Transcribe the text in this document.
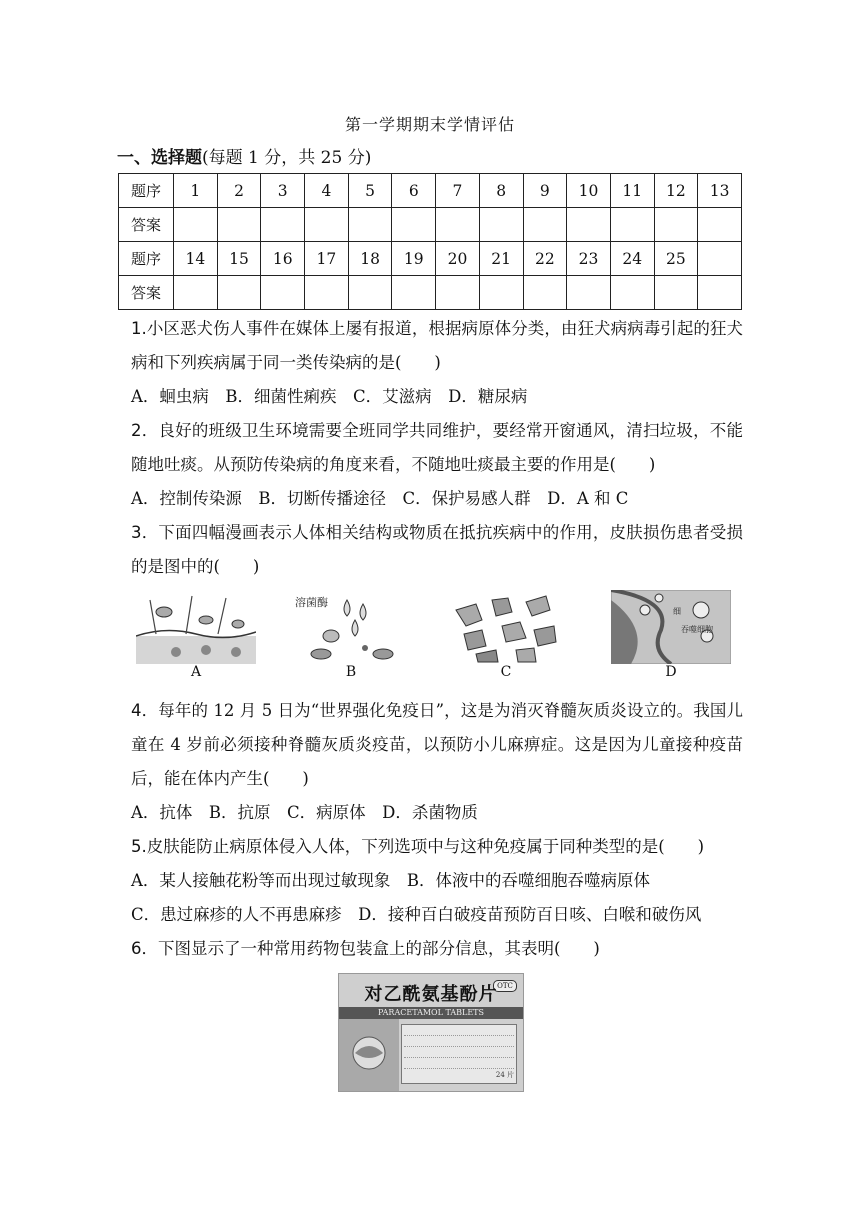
第一学期期末学情评估
一、选择题(每题 1 分，共 25 分)
题序	1	2	3	4	5	6	7	8	9	10	11	12	13
答案													
题序	14	15	16	17	18	19	20	21	22	23	24	25	
答案													
1.小区恶犬伤人事件在媒体上屡有报道，根据病原体分类，由狂犬病病毒引起的狂犬病和下列疾病属于同一类传染病的是(　　)
A．蛔虫病　B．细菌性痢疾　C．艾滋病　D．糖尿病
2．良好的班级卫生环境需要全班同学共同维护，要经常开窗通风，清扫垃圾，不能随地吐痰。从预防传染病的角度来看，不随地吐痰最主要的作用是(　　)
A．控制传染源　B．切断传播途径　C．保护易感人群　D．A 和 C
3．下面四幅漫画表示人体相关结构或物质在抵抗疾病中的作用，皮肤损伤患者受损的是图中的(　　)
A
溶菌酶
B	C
细
吞噬细胞
D
4．每年的 12 月 5 日为“世界强化免疫日”，这是为消灭脊髓灰质炎设立的。我国儿童在 4 岁前必须接种脊髓灰质炎疫苗，以预防小儿麻痹症。这是因为儿童接种疫苗后，能在体内产生(　　)
A．抗体　B．抗原　C．病原体　D．杀菌物质
5.皮肤能防止病原体侵入人体，下列选项中与这种免疫属于同种类型的是(　　)
A．某人接触花粉等而出现过敏现象　B．体液中的吞噬细胞吞噬病原体
C．患过麻疹的人不再患麻疹　D．接种百白破疫苗预防百日咳、白喉和破伤风
6．下图显示了一种常用药物包装盒上的部分信息，其表明(　　)
OTC
对乙酰氨基酚片
PARACETAMOL TABLETS
24 片
